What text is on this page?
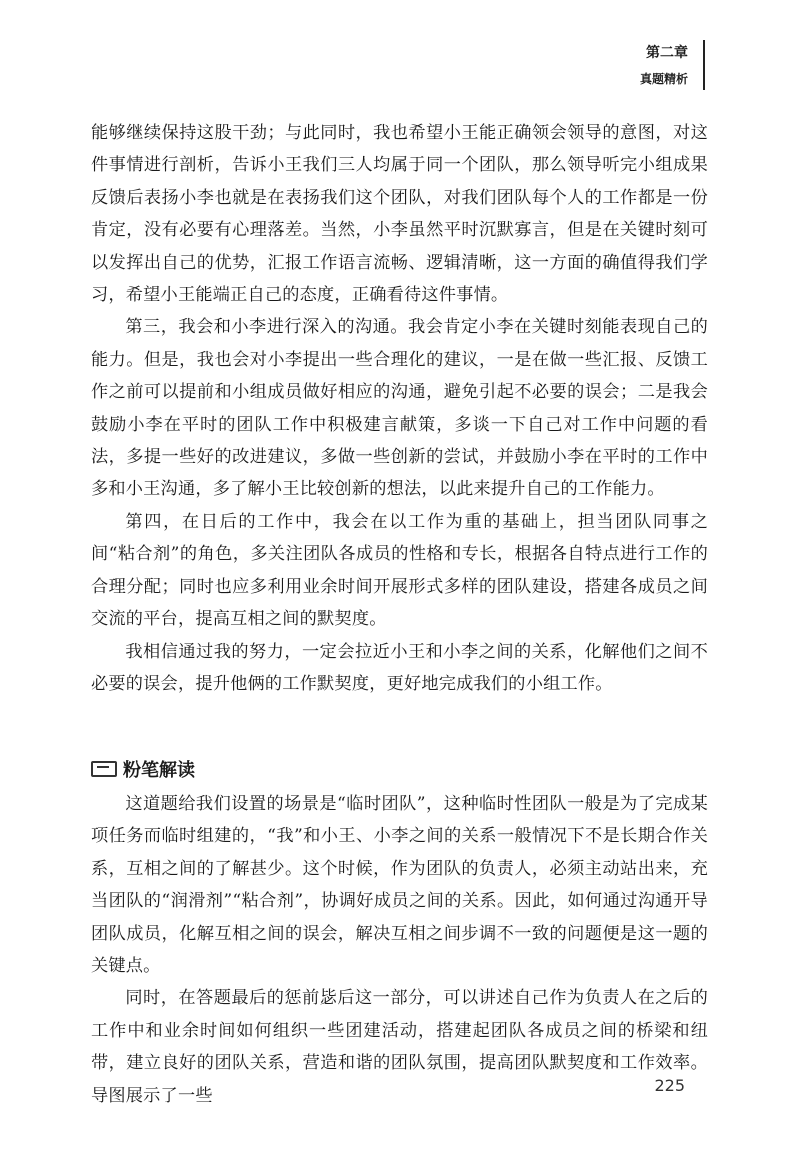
第二章
真题精析

能够继续保持这股干劲；与此同时，我也希望小王能正确领会领导的意图，对这件事情进行剖析，告诉小王我们三人均属于同一个团队，那么领导听完小组成果反馈后表扬小李也就是在表扬我们这个团队，对我们团队每个人的工作都是一份肯定，没有必要有心理落差。当然，小李虽然平时沉默寡言，但是在关键时刻可以发挥出自己的优势，汇报工作语言流畅、逻辑清晰，这一方面的确值得我们学习，希望小王能端正自己的态度，正确看待这件事情。

第三，我会和小李进行深入的沟通。我会肯定小李在关键时刻能表现自己的能力。但是，我也会对小李提出一些合理化的建议，一是在做一些汇报、反馈工作之前可以提前和小组成员做好相应的沟通，避免引起不必要的误会；二是我会鼓励小李在平时的团队工作中积极建言献策，多谈一下自己对工作中问题的看法，多提一些好的改进建议，多做一些创新的尝试，并鼓励小李在平时的工作中多和小王沟通，多了解小王比较创新的想法，以此来提升自己的工作能力。

第四，在日后的工作中，我会在以工作为重的基础上，担当团队同事之间“粘合剂”的角色，多关注团队各成员的性格和专长，根据各自特点进行工作的合理分配；同时也应多利用业余时间开展形式多样的团队建设，搭建各成员之间交流的平台，提高互相之间的默契度。

我相信通过我的努力，一定会拉近小王和小李之间的关系，化解他们之间不必要的误会，提升他俩的工作默契度，更好地完成我们的小组工作。

粉笔解读

这道题给我们设置的场景是“临时团队”，这种临时性团队一般是为了完成某项任务而临时组建的，“我”和小王、小李之间的关系一般情况下不是长期合作关系，互相之间的了解甚少。这个时候，作为团队的负责人，必须主动站出来，充当团队的“润滑剂”“粘合剂”，协调好成员之间的关系。因此，如何通过沟通开导团队成员，化解互相之间的误会，解决互相之间步调不一致的问题便是这一题的关键点。

同时，在答题最后的惩前毖后这一部分，可以讲述自己作为负责人在之后的工作中和业余时间如何组织一些团建活动，搭建起团队各成员之间的桥梁和纽带，建立良好的团队关系，营造和谐的团队氛围，提高团队默契度和工作效率。导图展示了一些

225
